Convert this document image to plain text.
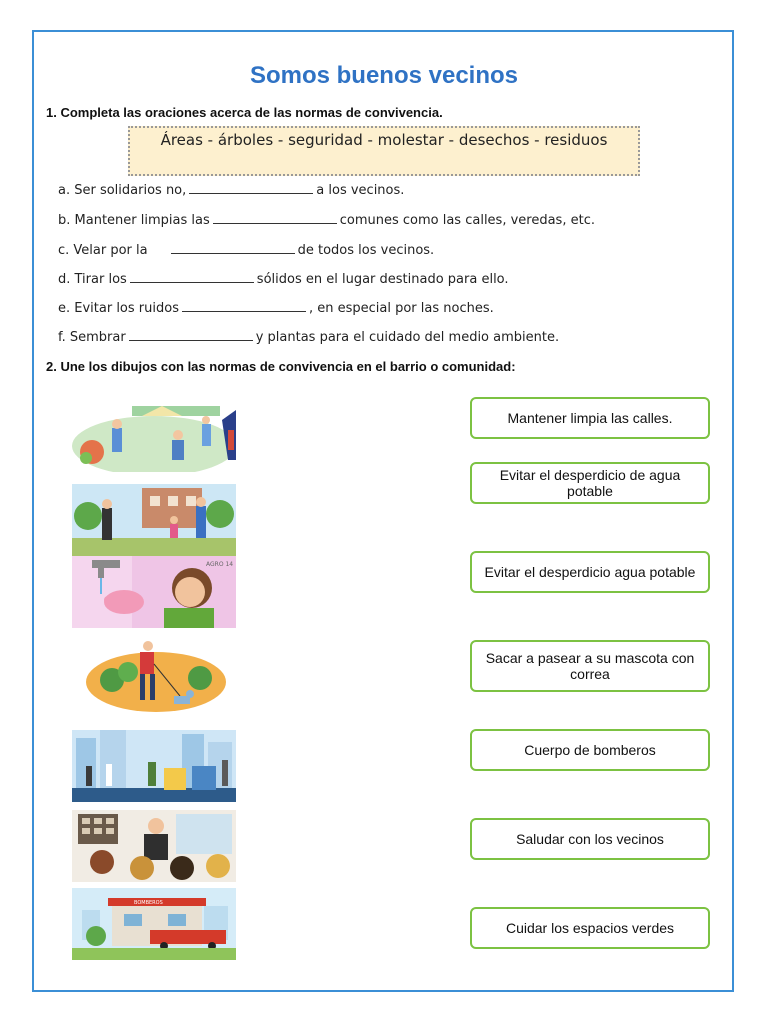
Somos buenos vecinos
1. Completa las oraciones acerca de las normas de convivencia.
Áreas - árboles - seguridad - molestar - desechos - residuos
a. Ser solidarios no,	a los vecinos.
b. Mantener limpias las	comunes como las calles, veredas, etc.
c. Velar por la	de todos los vecinos.
d. Tirar los	sólidos en el lugar destinado para ello.
e. Evitar los ruidos	, en especial por las noches.
f. Sembrar	y plantas para el cuidado del medio ambiente.
2. Une los dibujos con las normas de convivencia en el barrio o comunidad:
AGRO 14
BOMBEROS
Mantener limpia las calles.
Evitar el desperdicio de agua potable
Evitar el desperdicio agua potable
Sacar a pasear a su mascota con correa
Cuerpo de bomberos
Saludar con los vecinos
Cuidar los espacios verdes
